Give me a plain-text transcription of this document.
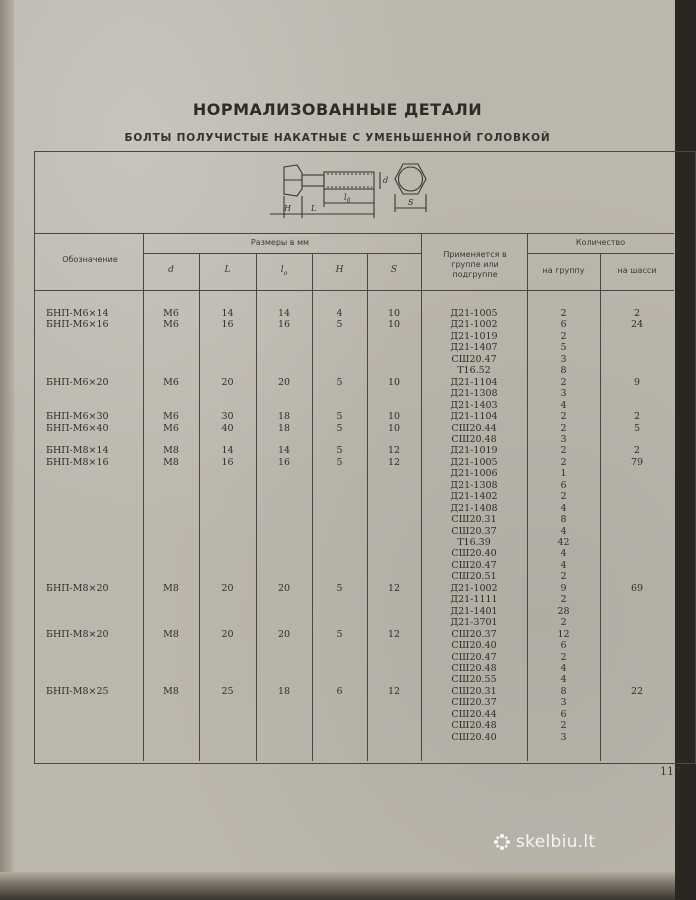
НОРМАЛИЗОВАННЫЕ ДЕТАЛИ
БОЛТЫ ПОЛУЧИСТЫЕ НАКАТНЫЕ С УМЕНЬШЕННОЙ ГОЛОВКОЙ
H	L
$l_0$
d
S
Обозначение
Размеры в мм
d	L	$l_o$	H	S
Применяется в группе или подгруппе
Количество
на группу	на шасси
БНП-М6×14	М6	14	14	4	10	Д21-1005	2	2
БНП-М6×16	М6	16	16	5	10	Д21-1002	6	24
Д21-1019	2
Д21-1407	5
СШ20.47	3
Т16.52	8
БНП-М6×20	М6	20	20	5	10	Д21-1104	2	9
Д21-1308	3
Д21-1403	4
БНП-М6×30	М6	30	18	5	10	Д21-1104	2	2
БНП-М6×40	М6	40	18	5	10	СШ20.44	2	5
СШ20.48	3
БНП-М8×14	М8	14	14	5	12	Д21-1019	2	2
БНП-М8×16	М8	16	16	5	12	Д21-1005	2	79
Д21-1006	1
Д21-1308	6
Д21-1402	2
Д21-1408	4
СШ20.31	8
СШ20.37	4
Т16.39	42
СШ20.40	4
СШ20.47	4
СШ20.51	2
БНП-М8×20	М8	20	20	5	12	Д21-1002	9	69
Д21-1111	2
Д21-1401	28
Д21-3701	2
БНП-М8×20	М8	20	20	5	12	СШ20.37	12
СШ20.40	6
СШ20.47	2
СШ20.48	4
СШ20.55	4
БНП-М8×25	М8	25	18	6	12	СШ20.31	8	22
СШ20.37	3
СШ20.44	6
СШ20.48	2
СШ20.40	3
117
skelbiu.lt
